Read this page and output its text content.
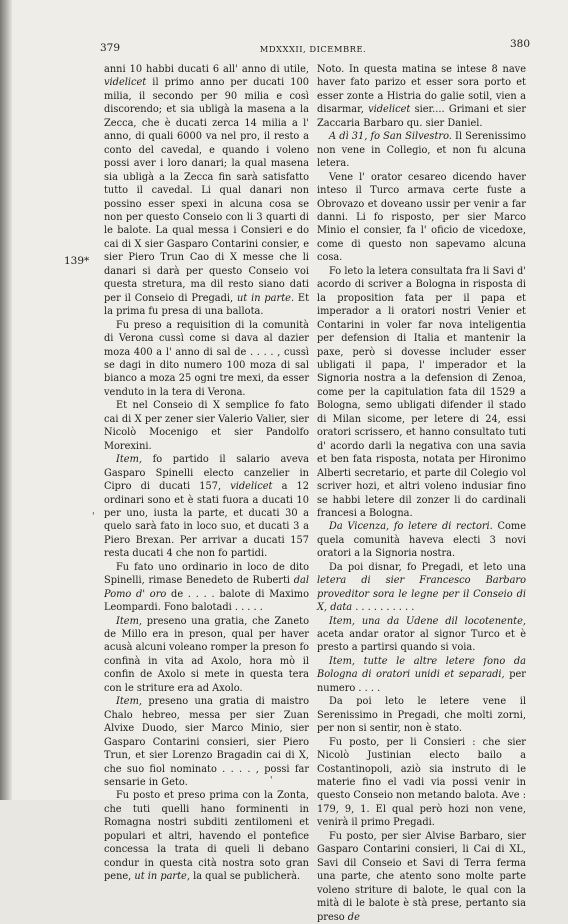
379	MDXXXII, DICEMBRE.	380
139*
'
'

anni 10 habbi ducati 6 all' anno di utile, videlicet il primo anno per ducati 100 milia, il secondo per 90 milia e così discorendo; et sia ubligà la masena a la Zecca, che è ducati zerca 14 milia a l' anno, di quali 6000 va nel pro, il resto a conto del cavedal, e quando i voleno possi aver i loro danari; la qual masena sia ubligà a la Zecca fin sarà satisfatto tutto il cavedal. Li qual danari non possino esser spexi in alcuna cosa se non per questo Conseio con li 3 quarti di le balote. La qual messa i Consieri e do cai di X sier Gasparo Contarini consier, e sier Piero Trun Cao di X messe che li danari si darà per questo Conseio voi questa stretura, ma dil resto siano dati per il Conseio di Pregadi, ut in parte. Et la prima fu presa di una ballota.

Fu preso a requisition di la comunità di Verona cussì come si dava al dazier moza 400 a l' anno di sal de . . . . , cussì se dagi in dito numero 100 moza di sal bianco a moza 25 ogni tre mexi, da esser venduto in la tera di Verona.

Et nel Conseio di X semplice fo fato cai di X per zener sier Valerio Valier, sier Nicolò Mocenigo et sier Pandolfo Morexini.

Item, fo partido il salario aveva Gasparo Spinelli electo canzelier in Cipro di ducati 157, videlicet a 12 ordinari sono et è stati fuora a ducati 10 per uno, iusta la parte, et ducati 30 a quelo sarà fato in loco suo, et ducati 3 a Piero Brexan. Per arrivar a ducati 157 resta ducati 4 che non fo partidi.

Fu fato uno ordinario in loco de dito Spinelli, rimase Benedeto de Ruberti dal Pomo d' oro de . . . . balote di Maximo Leompardi. Fono balotadi . . . . .

Item, preseno una gratia, che Zaneto de Millo era in preson, qual per haver acusà alcuni voleano romper la preson fo confinà in vita ad Axolo, hora mò il confin de Axolo si mete in questa tera con le striture era ad Axolo.

Item, preseno una gratia di maistro Chalo hebreo, messa per sier Zuan Alvixe Duodo, sier Marco Minio, sier Gasparo Contarini consieri, sier Piero Trun, et sier Lorenzo Bragadin cai di X, che suo fiol nominato . . . . , possi far sensarie in Geto.

Fu posto et preso prima con la Zonta, che tuti quelli hano forminenti in Romagna nostri subditi zentilomeni et populari et altri, havendo el pontefice concessa la trata di queli li debano condur in questa cità nostra soto gran pene, ut in parte, la qual se publicherà.

Noto. In questa matina se intese 8 nave haver fato parizo et esser sora porto et esser zonte a Histria do galie sotil, vien a disarmar, videlicet sier.... Grimani et sier Zaccaria Barbaro qu. sier Daniel.

A dì 31, fo San Silvestro. Il Serenissimo non vene in Collegio, et non fu alcuna letera.

Vene l' orator cesareo dicendo haver inteso il Turco armava certe fuste a Obrovazo et doveano ussir per venir a far danni. Li fo risposto, per sier Marco Minio el consier, fa l' oficio de vicedoxe, come di questo non sapevamo alcuna cosa.

Fo leto la letera consultata fra li Savi d' acordo di scriver a Bologna in risposta di la proposition fata per il papa et imperador a li oratori nostri Venier et Contarini in voler far nova inteligentia per defension di Italia et mantenir la paxe, però si dovesse includer esser ubligati il papa, l' imperador et la Signoria nostra a la defension di Zenoa, come per la capitulation fata dil 1529 a Bologna, semo ubligati difender il stado di Milan sicome, per letere di 24, essi oratori scrissero, et hanno consultato tuti d' acordo darli la negativa con una savia et ben fata risposta, notata per Hironimo Alberti secretario, et parte dil Colegio vol scriver hozi, et altri voleno indusiar fino se habbi letere dil zonzer li do cardinali francesi a Bologna.

Da Vicenza, fo letere di rectori. Come quela comunità haveva electi 3 novi oratori a la Signoria nostra.

Da poi disnar, fo Pregadi, et leto una letera di sier Francesco Barbaro proveditor sora le legne per il Conseio di X, data . . . . . . . . . .

Item, una da Udene dil locotenente, aceta andar orator al signor Turco et è presto a partirsi quando si voia.

Item, tutte le altre letere fono da Bologna di oratori unidi et separadi, per numero . . . .

Da poi leto le letere vene il Serenissimo in Pregadi, che molti zorni, per non si sentir, non è stato.

Fu posto, per li Consieri : che sier Nicolò Justinian electo bailo a Costantinopoli, aziò sia instruto di le materie fino el vadi via possi venir in questo Conseio non metando balota. Ave : 179, 9, 1. El qual però hozi non vene, venirà il primo Pregadi.

Fu posto, per sier Alvise Barbaro, sier Gasparo Contarini consieri, li Cai di XL, Savi dil Conseio et Savi di Terra ferma una parte, che atento sono molte parte voleno striture di balote, le qual con la mità di le balote è stà prese, pertanto sia preso de
